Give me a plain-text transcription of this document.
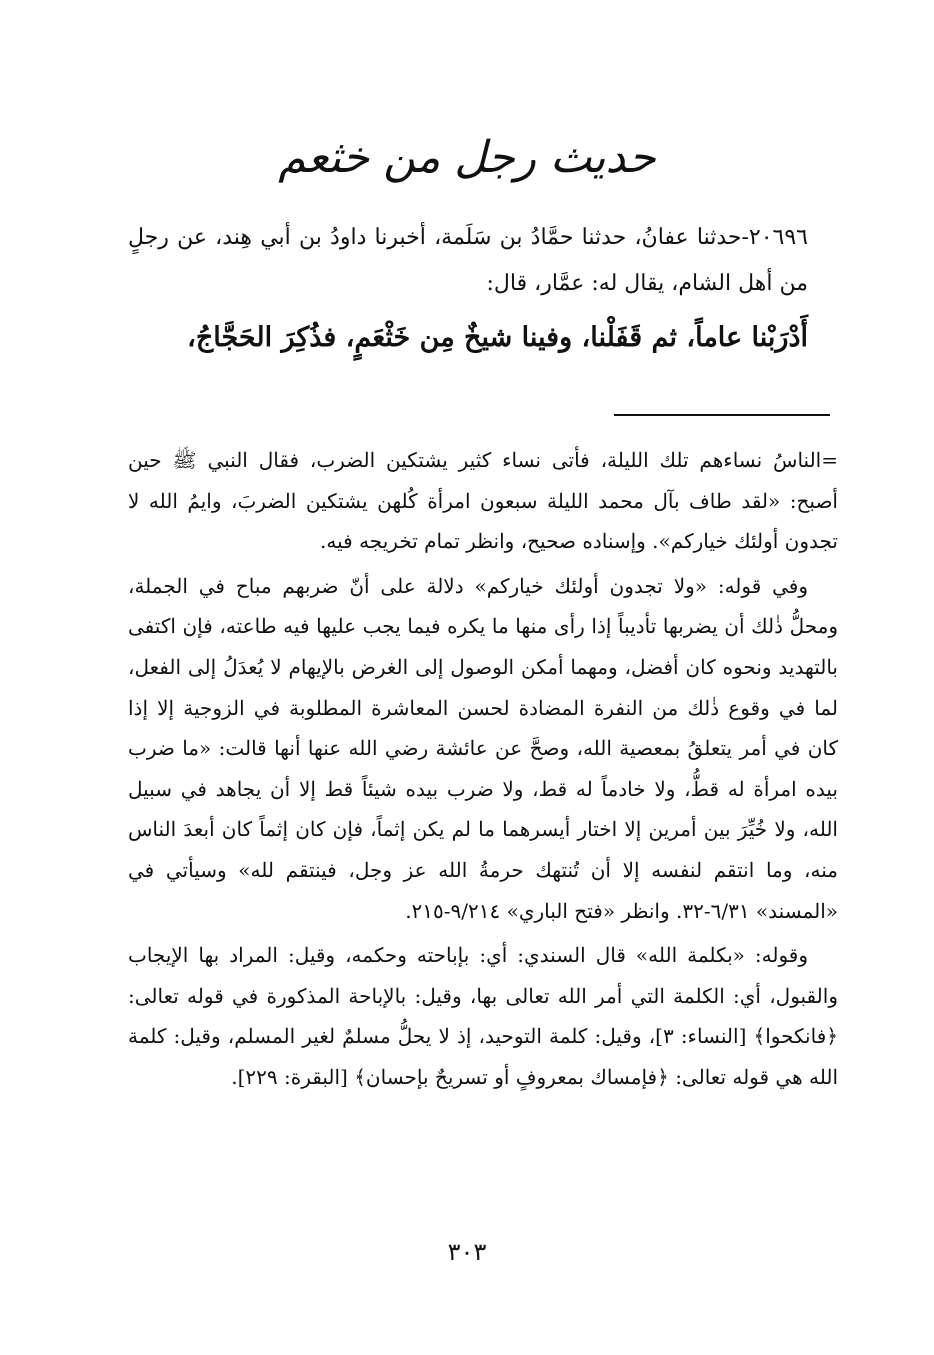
حديث رجل من خثعم

٢٠٦٩٦-حدثنا عفانُ، حدثنا حمَّادُ بن سَلَمة، أخبرنا داودُ بن أبي هِند، عن رجلٍ من أهل الشام، يقال له: عمَّار، قال:
أَدْرَبْنا عاماً، ثم قَفَلْنا، وفينا شيخٌ مِن خَثْعَمٍ، فذُكِرَ الحَجَّاجُ،

=الناسُ نساءهم تلك الليلة، فأتى نساء كثير يشتكين الضرب، فقال النبي ﷺ حين أصبح: «لقد طاف بآل محمد الليلة سبعون امرأة كُلهن يشتكين الضربَ، وايمُ الله لا تجدون أولئك خياركم». وإسناده صحيح، وانظر تمام تخريجه فيه.

وفي قوله: «ولا تجدون أولئك خياركم» دلالة على أنّ ضربهم مباح في الجملة، ومحلُّ ذٰلك أن يضربها تأديباً إذا رأى منها ما يكره فيما يجب عليها فيه طاعته، فإن اكتفى بالتهديد ونحوه كان أفضل، ومهما أمكن الوصول إلى الغرض بالإيهام لا يُعدَلُ إلى الفعل، لما في وقوع ذٰلك من النفرة المضادة لحسن المعاشرة المطلوبة في الزوجية إلا إذا كان في أمر يتعلقُ بمعصية الله، وصحَّ عن عائشة رضي الله عنها أنها قالت: «ما ضرب بيده امرأة له قطُّ، ولا خادماً له قط، ولا ضرب بيده شيئاً قط إلا أن يجاهد في سبيل الله، ولا خُيِّرَ بين أمرين إلا اختار أيسرهما ما لم يكن إثماً، فإن كان إثماً كان أبعدَ الناس منه، وما انتقم لنفسه إلا أن تُنتهك حرمةُ الله عز وجل، فينتقم لله» وسيأتي في «المسند» ٦/٣١-٣٢. وانظر «فتح الباري» ٩/٢١٤-٢١٥.

وقوله: «بكلمة الله» قال السندي: أي: بإباحته وحكمه، وقيل: المراد بها الإيجاب والقبول، أي: الكلمة التي أمر الله تعالى بها، وقيل: بالإباحة المذكورة في قوله تعالى: ﴿فانكحوا﴾ [النساء: ٣]، وقيل: كلمة التوحيد، إذ لا يحلُّ مسلمٌ لغير المسلم، وقيل: كلمة الله هي قوله تعالى: ﴿فإمساك بمعروفٍ أو تسريحٌ بإحسان﴾ [البقرة: ٢٢٩].

٣٠٣
